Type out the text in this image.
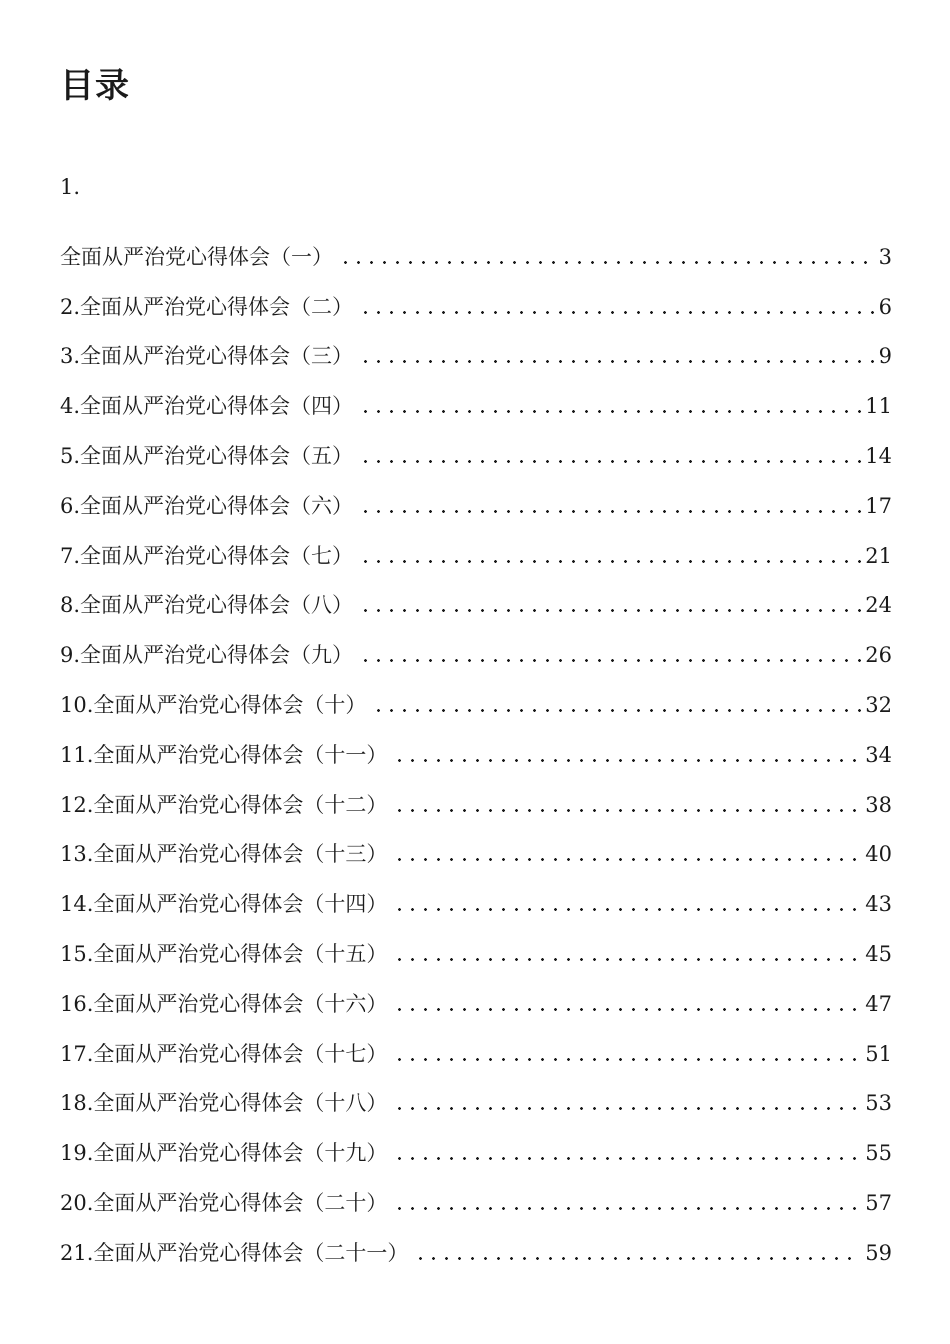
目录
1.
全面从严治党心得体会（一）	3
2.全面从严治党心得体会（二）	6
3.全面从严治党心得体会（三）	9
4.全面从严治党心得体会（四）	11
5.全面从严治党心得体会（五）	14
6.全面从严治党心得体会（六）	17
7.全面从严治党心得体会（七）	21
8.全面从严治党心得体会（八）	24
9.全面从严治党心得体会（九）	26
10.全面从严治党心得体会（十）	32
11.全面从严治党心得体会（十一）	34
12.全面从严治党心得体会（十二）	38
13.全面从严治党心得体会（十三）	40
14.全面从严治党心得体会（十四）	43
15.全面从严治党心得体会（十五）	45
16.全面从严治党心得体会（十六）	47
17.全面从严治党心得体会（十七）	51
18.全面从严治党心得体会（十八）	53
19.全面从严治党心得体会（十九）	55
20.全面从严治党心得体会（二十）	57
21.全面从严治党心得体会（二十一）	59
